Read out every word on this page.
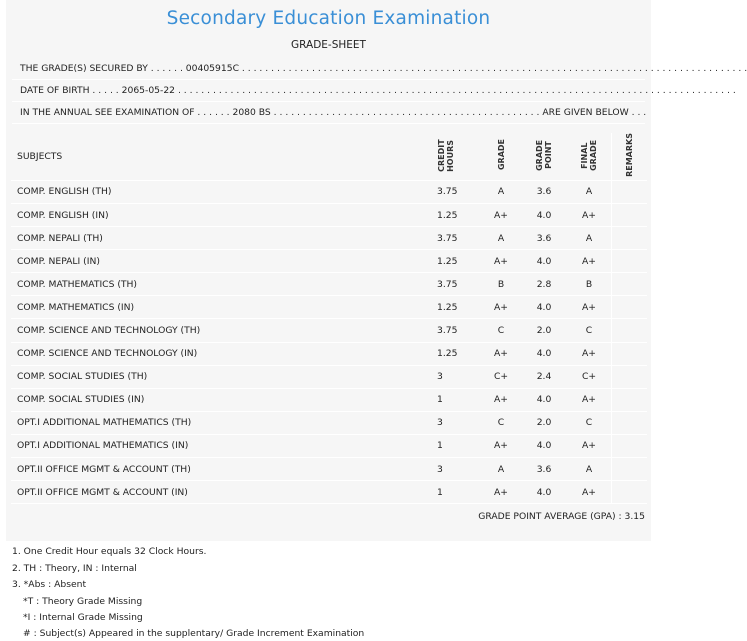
Secondary Education Examination
GRADE-SHEET
THE GRADE(S) SECURED BY . . . . . . 00405915C . . . . . . . . . . . . . . . . . . . . . . . . . . . . . . . . . . . . . . . . . . . . . . . . . . . . . . . . . . . . . . . . . . . . . . . . . . . . . . . . . . . . . . .
DATE OF BIRTH . . . . . 2065-05-22 . . . . . . . . . . . . . . . . . . . . . . . . . . . . . . . . . . . . . . . . . . . . . . . . . . . . . . . . . . . . . . . . . . . . . . . . . . . . . . . . . . . . . . . . . . . . . . . .
IN THE ANNUAL SEE EXAMINATION OF . . . . . . 2080 BS . . . . . . . . . . . . . . . . . . . . . . . . . . . . . . . . . . . . . . . . . . . . . . ARE GIVEN BELOW . . .
SUBJECTS	CREDIT HOURS	GRADE	GRADE POINT	FINAL GRADE	REMARKS
COMP. ENGLISH (TH)	3.75	A	3.6	A	
COMP. ENGLISH (IN)	1.25	A+	4.0	A+	
COMP. NEPALI (TH)	3.75	A	3.6	A	
COMP. NEPALI (IN)	1.25	A+	4.0	A+	
COMP. MATHEMATICS (TH)	3.75	B	2.8	B	
COMP. MATHEMATICS (IN)	1.25	A+	4.0	A+	
COMP. SCIENCE AND TECHNOLOGY (TH)	3.75	C	2.0	C	
COMP. SCIENCE AND TECHNOLOGY (IN)	1.25	A+	4.0	A+	
COMP. SOCIAL STUDIES (TH)	3	C+	2.4	C+	
COMP. SOCIAL STUDIES (IN)	1	A+	4.0	A+	
OPT.I ADDITIONAL MATHEMATICS (TH)	3	C	2.0	C	
OPT.I ADDITIONAL MATHEMATICS (IN)	1	A+	4.0	A+	
OPT.II OFFICE MGMT & ACCOUNT (TH)	3	A	3.6	A	
OPT.II OFFICE MGMT & ACCOUNT (IN)	1	A+	4.0	A+	
GRADE POINT AVERAGE (GPA) : 3.15
1. One Credit Hour equals 32 Clock Hours.
2. TH : Theory, IN : Internal
3. *Abs : Absent
*T : Theory Grade Missing
*I : Internal Grade Missing
# : Subject(s) Appeared in the supplentary/ Grade Increment Examination
